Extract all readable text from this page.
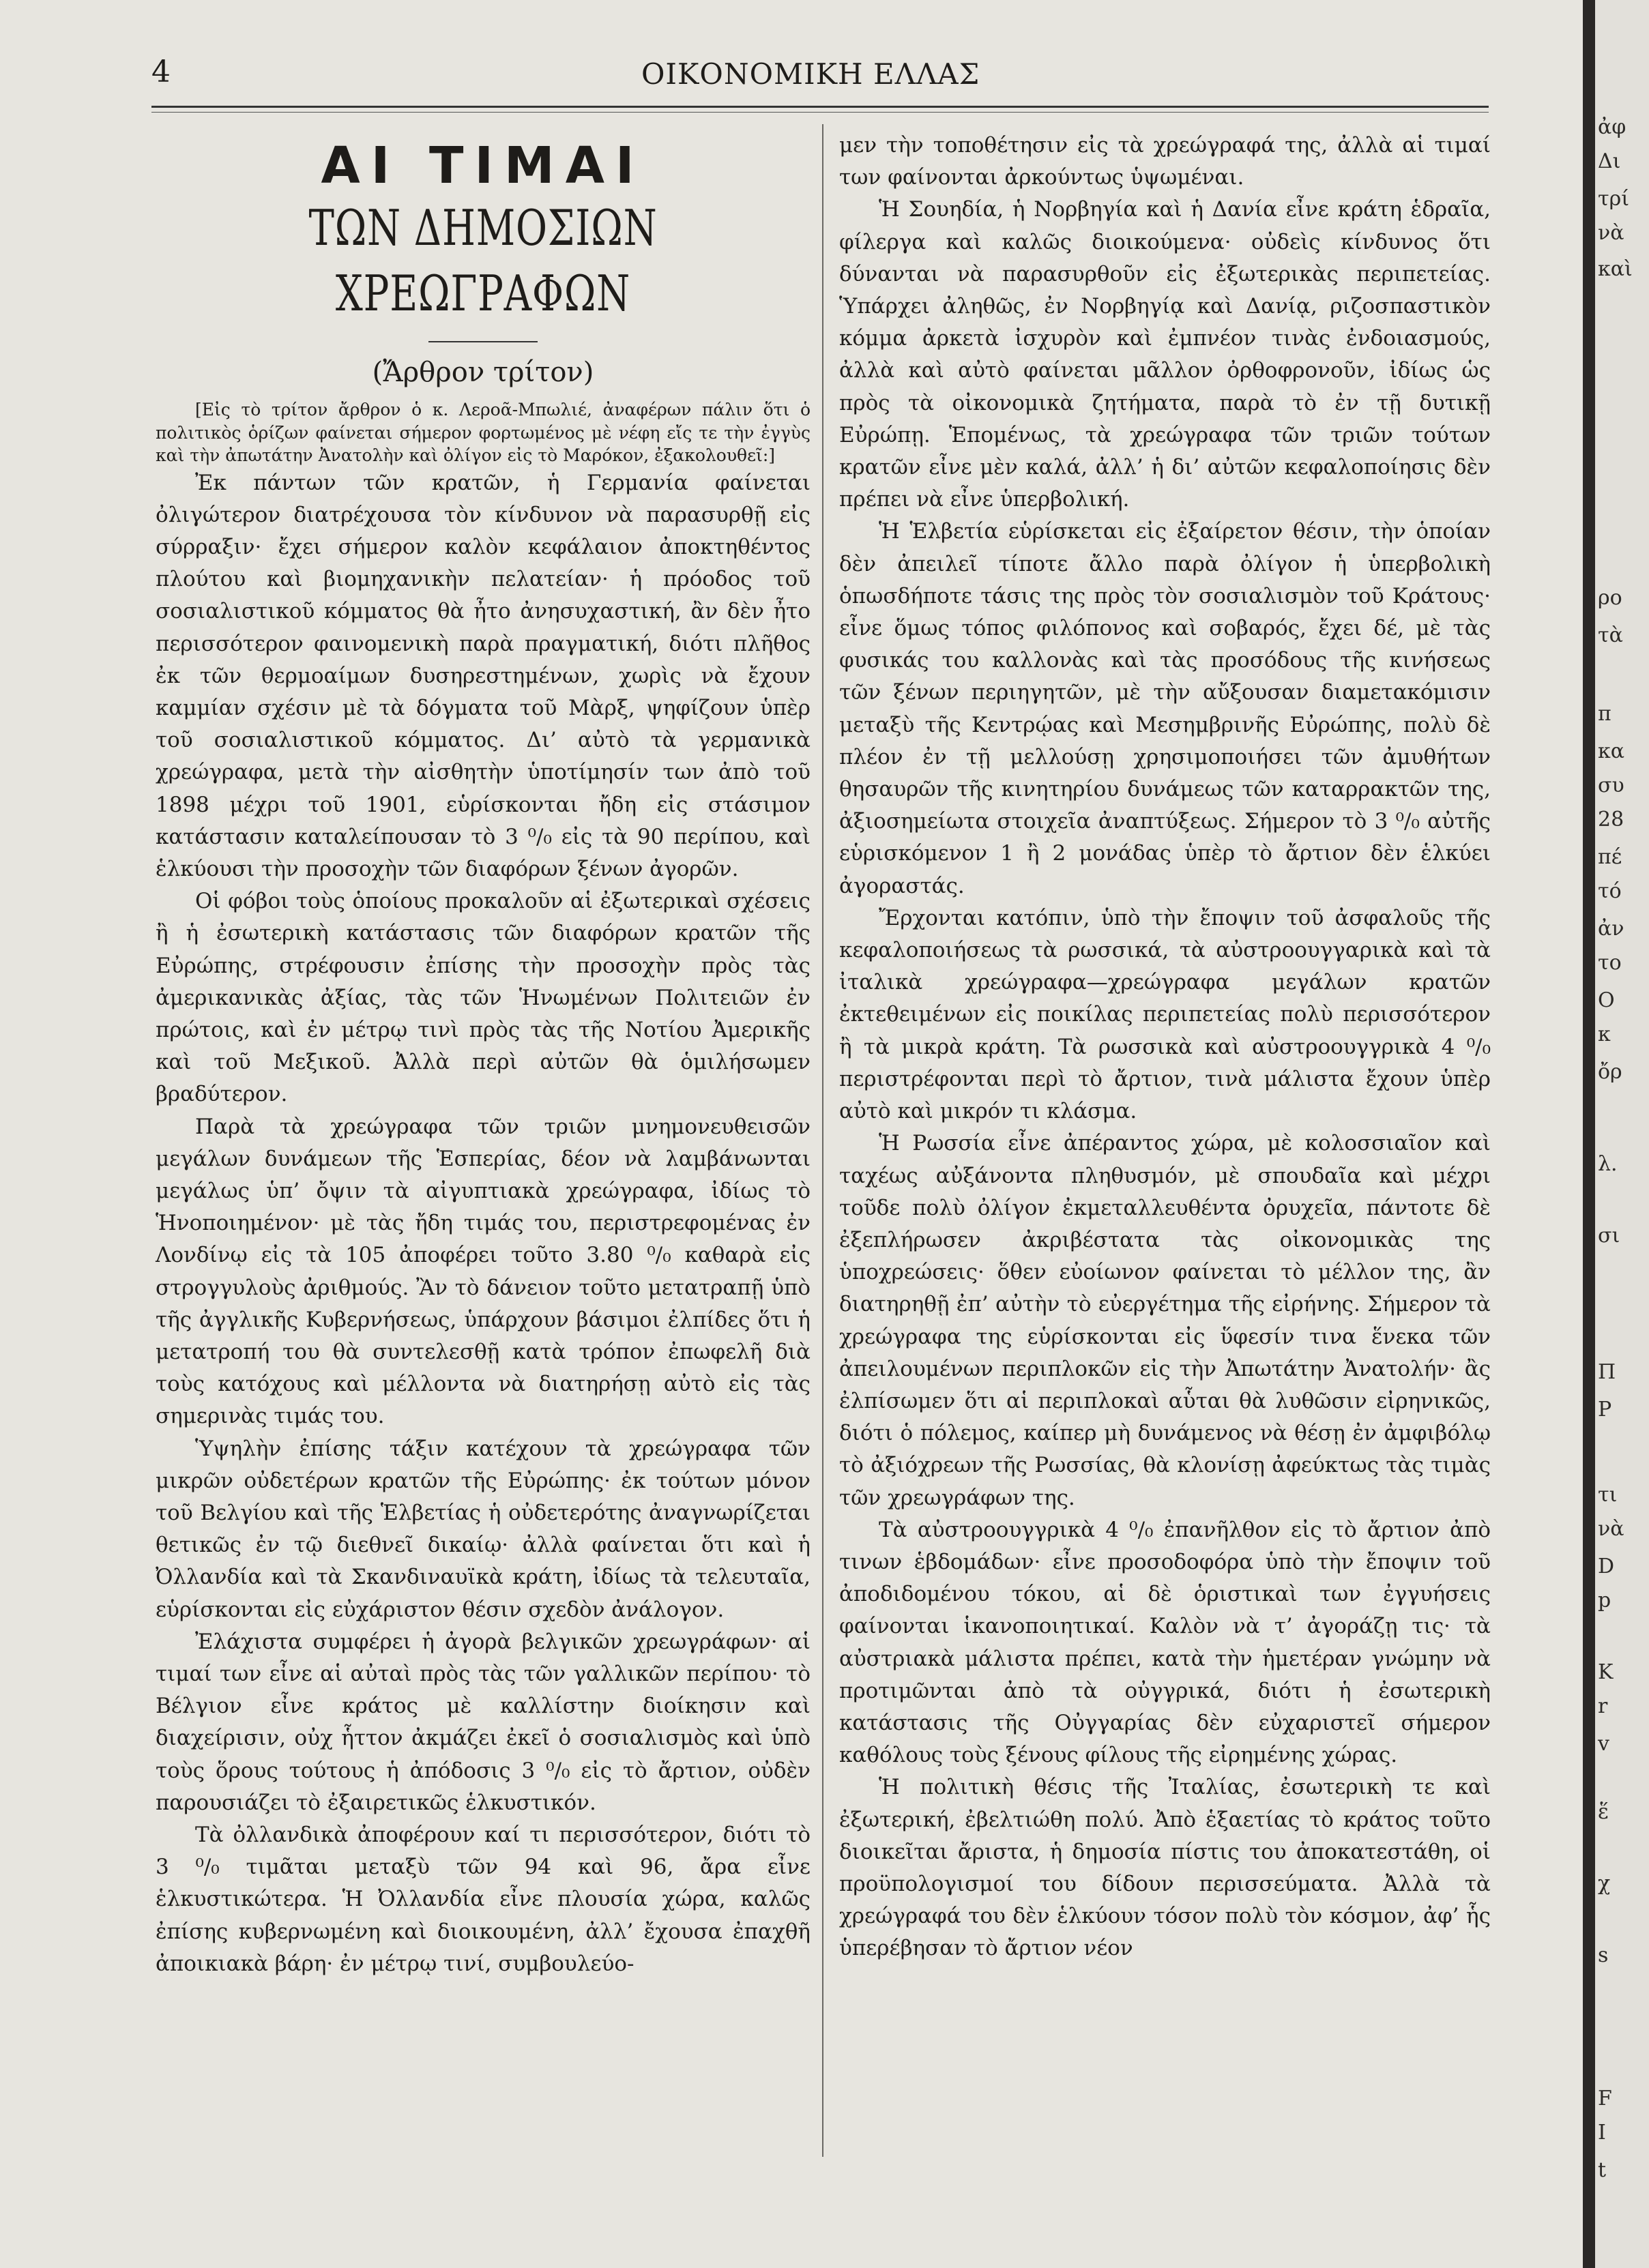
4	ΟΙΚΟΝΟΜΙΚΗ ΕΛΛΑΣ
ΑΙ ΤΙΜΑΙ
ΤΩΝ ΔΗΜΟΣΙΩΝ ΧΡΕΩΓΡΑΦΩΝ
(Ἄρθρον τρίτον)

[Εἰς τὸ τρίτον ἄρθρον ὁ κ. Λεροᾶ-Μπωλιέ, ἀναφέρων πάλιν ὅτι ὁ πολιτικὸς ὁρίζων φαίνεται σήμερον φορτωμένος μὲ νέφη εἴς τε τὴν ἐγγὺς καὶ τὴν ἀπωτάτην Ἀνατολὴν καὶ ὀλίγον εἰς τὸ Μαρόκον, ἐξακολουθεῖ:]

Ἐκ πάντων τῶν κρατῶν, ἡ Γερμανία φαίνεται ὀλιγώτερον διατρέχουσα τὸν κίνδυνον νὰ παρασυρθῇ εἰς σύρραξιν· ἔχει σήμερον καλὸν κεφάλαιον ἀποκτηθέντος πλούτου καὶ βιομηχανικὴν πελατείαν· ἡ πρόοδος τοῦ σοσιαλιστικοῦ κόμματος θὰ ἦτο ἀνησυχαστική, ἂν δὲν ἦτο περισσότερον φαινομενικὴ παρὰ πραγματική, διότι πλῆθος ἐκ τῶν θερμοαίμων δυσηρεστημένων, χωρὶς νὰ ἔχουν καμμίαν σχέσιν μὲ τὰ δόγματα τοῦ Μὰρξ, ψηφίζουν ὑπὲρ τοῦ σοσιαλιστικοῦ κόμματος. Δι’ αὐτὸ τὰ γερμανικὰ χρεώγραφα, μετὰ τὴν αἰσθητὴν ὑποτίμησίν των ἀπὸ τοῦ 1898 μέχρι τοῦ 1901, εὑρίσκονται ἤδη εἰς στάσιμον κατάστασιν καταλείπουσαν τὸ 3 ⁰/₀ εἰς τὰ 90 περίπου, καὶ ἑλκύουσι τὴν προσοχὴν τῶν διαφόρων ξένων ἀγορῶν.

Οἱ φόβοι τοὺς ὁποίους προκαλοῦν αἱ ἐξωτερικαὶ σχέσεις ἢ ἡ ἐσωτερικὴ κατάστασις τῶν διαφόρων κρατῶν τῆς Εὐρώπης, στρέφουσιν ἐπίσης τὴν προσοχὴν πρὸς τὰς ἀμερικανικὰς ἀξίας, τὰς τῶν Ἡνωμένων Πολιτειῶν ἐν πρώτοις, καὶ ἐν μέτρῳ τινὶ πρὸς τὰς τῆς Νοτίου Ἀμερικῆς καὶ τοῦ Μεξικοῦ. Ἀλλὰ περὶ αὐτῶν θὰ ὁμιλήσωμεν βραδύτερον.

Παρὰ τὰ χρεώγραφα τῶν τριῶν μνημονευθεισῶν μεγάλων δυνάμεων τῆς Ἑσπερίας, δέον νὰ λαμβάνωνται μεγάλως ὑπ’ ὄψιν τὰ αἰγυπτιακὰ χρεώγραφα, ἰδίως τὸ Ἡνοποιημένον· μὲ τὰς ἤδη τιμάς του, περιστρεφομένας ἐν Λονδίνῳ εἰς τὰ 105 ἀποφέρει τοῦτο 3.80 ⁰/₀ καθαρὰ εἰς στρογγυλοὺς ἀριθμούς. Ἂν τὸ δάνειον τοῦτο μετατραπῇ ὑπὸ τῆς ἀγγλικῆς Κυβερνήσεως, ὑπάρχουν βάσιμοι ἐλπίδες ὅτι ἡ μετατροπή του θὰ συντελεσθῇ κατὰ τρόπον ἐπωφελῆ διὰ τοὺς κατόχους καὶ μέλλοντα νὰ διατηρήσῃ αὐτὸ εἰς τὰς σημερινὰς τιμάς του.

Ὑψηλὴν ἐπίσης τάξιν κατέχουν τὰ χρεώγραφα τῶν μικρῶν οὐδετέρων κρατῶν τῆς Εὐρώπης· ἐκ τούτων μόνον τοῦ Βελγίου καὶ τῆς Ἑλβετίας ἡ οὐδετερότης ἀναγνωρίζεται θετικῶς ἐν τῷ διεθνεῖ δικαίῳ· ἀλλὰ φαίνεται ὅτι καὶ ἡ Ὀλλανδία καὶ τὰ Σκανδιναυϊκὰ κράτη, ἰδίως τὰ τελευταῖα, εὑρίσκονται εἰς εὐχάριστον θέσιν σχεδὸν ἀνάλογον.

Ἐλάχιστα συμφέρει ἡ ἀγορὰ βελγικῶν χρεωγράφων· αἱ τιμαί των εἶνε αἱ αὐταὶ πρὸς τὰς τῶν γαλλικῶν περίπου· τὸ Βέλγιον εἶνε κράτος μὲ καλλίστην διοίκησιν καὶ διαχείρισιν, οὐχ ἧττον ἀκμάζει ἐκεῖ ὁ σοσιαλισμὸς καὶ ὑπὸ τοὺς ὅρους τούτους ἡ ἀπόδοσις 3 ⁰/₀ εἰς τὸ ἄρτιον, οὐδὲν παρουσιάζει τὸ ἐξαιρετικῶς ἑλκυστικόν.

Τὰ ὀλλανδικὰ ἀποφέρουν καί τι περισσότερον, διότι τὸ 3 ⁰/₀ τιμᾶται μεταξὺ τῶν 94 καὶ 96, ἄρα εἶνε ἑλκυστικώτερα. Ἡ Ὀλλανδία εἶνε πλουσία χώρα, καλῶς ἐπίσης κυβερνωμένη καὶ διοικουμένη, ἀλλ’ ἔχουσα ἐπαχθῆ ἀποικιακὰ βάρη· ἐν μέτρῳ τινί, συμβουλεύο-

μεν τὴν τοποθέτησιν εἰς τὰ χρεώγραφά της, ἀλλὰ αἱ τιμαί των φαίνονται ἀρκούντως ὑψωμέναι.

Ἡ Σουηδία, ἡ Νορβηγία καὶ ἡ Δανία εἶνε κράτη ἑδραῖα, φίλεργα καὶ καλῶς διοικούμενα· οὐδεὶς κίνδυνος ὅτι δύνανται νὰ παρασυρθοῦν εἰς ἐξωτερικὰς περιπετείας. Ὑπάρχει ἀληθῶς, ἐν Νορβηγίᾳ καὶ Δανίᾳ, ριζοσπαστικὸν κόμμα ἀρκετὰ ἰσχυρὸν καὶ ἐμπνέον τινὰς ἐνδοιασμούς, ἀλλὰ καὶ αὐτὸ φαίνεται μᾶλλον ὀρθοφρονοῦν, ἰδίως ὡς πρὸς τὰ οἰκονομικὰ ζητήματα, παρὰ τὸ ἐν τῇ δυτικῇ Εὐρώπῃ. Ἑπομένως, τὰ χρεώγραφα τῶν τριῶν τούτων κρατῶν εἶνε μὲν καλά, ἀλλ’ ἡ δι’ αὐτῶν κεφαλοποίησις δὲν πρέπει νὰ εἶνε ὑπερβολική.

Ἡ Ἑλβετία εὑρίσκεται εἰς ἐξαίρετον θέσιν, τὴν ὁποίαν δὲν ἀπειλεῖ τίποτε ἄλλο παρὰ ὀλίγον ἡ ὑπερβολικὴ ὁπωσδήποτε τάσις της πρὸς τὸν σοσιαλισμὸν τοῦ Κράτους· εἶνε ὅμως τόπος φιλόπονος καὶ σοβαρός, ἔχει δέ, μὲ τὰς φυσικάς του καλλονὰς καὶ τὰς προσόδους τῆς κινήσεως τῶν ξένων περιηγητῶν, μὲ τὴν αὔξουσαν διαμετακόμισιν μεταξὺ τῆς Κεντρῴας καὶ Μεσημβρινῆς Εὐρώπης, πολὺ δὲ πλέον ἐν τῇ μελλούσῃ χρησιμοποιήσει τῶν ἀμυθήτων θησαυρῶν τῆς κινητηρίου δυνάμεως τῶν καταρρακτῶν της, ἀξιοσημείωτα στοιχεῖα ἀναπτύξεως. Σήμερον τὸ 3 ⁰/₀ αὐτῆς εὑρισκόμενον 1 ἢ 2 μονάδας ὑπὲρ τὸ ἄρτιον δὲν ἑλκύει ἀγοραστάς.

Ἔρχονται κατόπιν, ὑπὸ τὴν ἔποψιν τοῦ ἀσφαλοῦς τῆς κεφαλοποιήσεως τὰ ρωσσικά, τὰ αὐστροουγγαρικὰ καὶ τὰ ἰταλικὰ χρεώγραφα—χρεώγραφα μεγάλων κρατῶν ἐκτεθειμένων εἰς ποικίλας περιπετείας πολὺ περισσότερον ἢ τὰ μικρὰ κράτη. Τὰ ρωσσικὰ καὶ αὐστροουγγρικὰ 4 ⁰/₀ περιστρέφονται περὶ τὸ ἄρτιον, τινὰ μάλιστα ἔχουν ὑπὲρ αὐτὸ καὶ μικρόν τι κλάσμα.

Ἡ Ρωσσία εἶνε ἀπέραντος χώρα, μὲ κολοσσιαῖον καὶ ταχέως αὐξάνοντα πληθυσμόν, μὲ σπουδαῖα καὶ μέχρι τοῦδε πολὺ ὀλίγον ἐκμεταλλευθέντα ὀρυχεῖα, πάντοτε δὲ ἐξεπλήρωσεν ἀκριβέστατα τὰς οἰκονομικὰς της ὑποχρεώσεις· ὅθεν εὐοίωνον φαίνεται τὸ μέλλον της, ἂν διατηρηθῇ ἐπ’ αὐτὴν τὸ εὐεργέτημα τῆς εἰρήνης. Σήμερον τὰ χρεώγραφα της εὑρίσκονται εἰς ὕφεσίν τινα ἕνεκα τῶν ἀπειλουμένων περιπλοκῶν εἰς τὴν Ἀπωτάτην Ἀνατολήν· ἂς ἐλπίσωμεν ὅτι αἱ περιπλοκαὶ αὗται θὰ λυθῶσιν εἰρηνικῶς, διότι ὁ πόλεμος, καίπερ μὴ δυνάμενος νὰ θέσῃ ἐν ἀμφιβόλῳ τὸ ἀξιόχρεων τῆς Ρωσσίας, θὰ κλονίσῃ ἀφεύκτως τὰς τιμὰς τῶν χρεωγράφων της.

Τὰ αὐστροουγγρικὰ 4 ⁰/₀ ἐπανῆλθον εἰς τὸ ἄρτιον ἀπὸ τινων ἑβδομάδων· εἶνε προσοδοφόρα ὑπὸ τὴν ἔποψιν τοῦ ἀποδιδομένου τόκου, αἱ δὲ ὁριστικαὶ των ἐγγυήσεις φαίνονται ἱκανοποιητικαί. Καλὸν νὰ τ’ ἀγοράζῃ τις· τὰ αὐστριακὰ μάλιστα πρέπει, κατὰ τὴν ἡμετέραν γνώμην νὰ προτιμῶνται ἀπὸ τὰ οὐγγρικά, διότι ἡ ἐσωτερικὴ κατάστασις τῆς Οὐγγαρίας δὲν εὐχαριστεῖ σήμερον καθόλους τοὺς ξένους φίλους τῆς εἰρημένης χώρας.

Ἡ πολιτικὴ θέσις τῆς Ἰταλίας, ἐσωτερικὴ τε καὶ ἐξωτερική, ἐβελτιώθη πολύ. Ἀπὸ ἑξαετίας τὸ κράτος τοῦτο διοικεῖται ἄριστα, ἡ δημοσία πίστις του ἀποκατεστάθη, οἱ προϋπολογισμοί του δίδουν περισσεύματα. Ἀλλὰ τὰ χρεώγραφά του δὲν ἑλκύουν τόσον πολὺ τὸν κόσμον, ἀφ’ ἧς ὑπερέβησαν τὸ ἄρτιον νέον

ἀφ
Δι
τρί
νὰ
καὶ
ρο
τὰ
π
κα
συ
28
πέ
τό
ἀν
το
Ο
κ
ὄρ
λ.
σι
Π
Ρ
τι
νὰ
D
p
K
r
v
ἕ
χ
s
F
I
t
